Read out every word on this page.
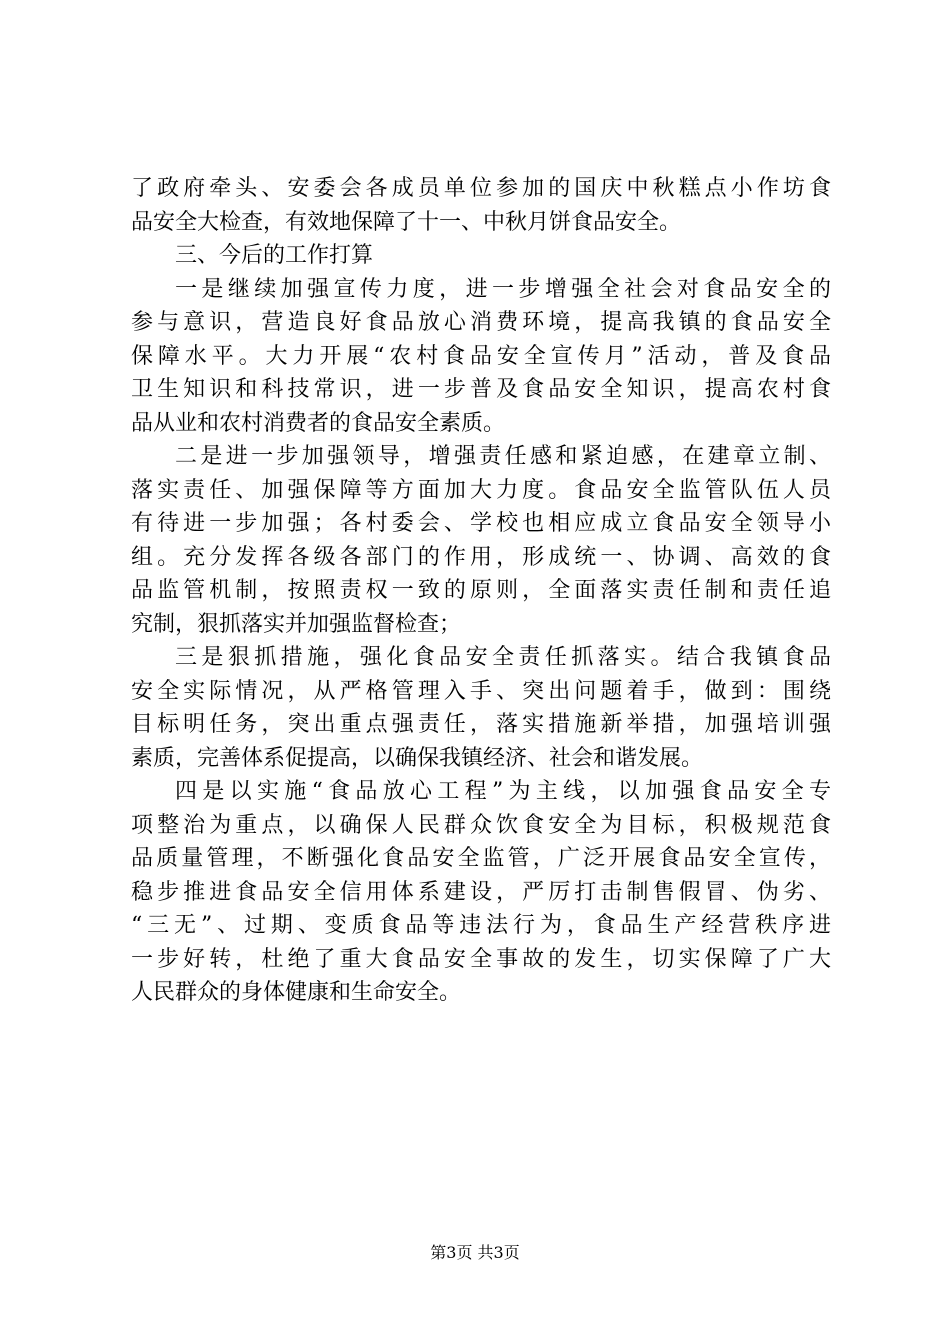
了政府牵头、安委会各成员单位参加的国庆中秋糕点小作坊食
品安全大检查，有效地保障了十一、中秋月饼食品安全。
三、今后的工作打算
一是继续加强宣传力度，进一步增强全社会对食品安全的
参与意识，营造良好食品放心消费环境，提高我镇的食品安全
保障水平。大力开展“农村食品安全宣传月”活动，普及食品
卫生知识和科技常识，进一步普及食品安全知识，提高农村食
品从业和农村消费者的食品安全素质。
二是进一步加强领导，增强责任感和紧迫感，在建章立制、
落实责任、加强保障等方面加大力度。食品安全监管队伍人员
有待进一步加强；各村委会、学校也相应成立食品安全领导小
组。充分发挥各级各部门的作用，形成统一、协调、高效的食
品监管机制，按照责权一致的原则，全面落实责任制和责任追
究制，狠抓落实并加强监督检查；
三是狠抓措施，强化食品安全责任抓落实。结合我镇食品
安全实际情况，从严格管理入手、突出问题着手，做到：围绕
目标明任务，突出重点强责任，落实措施新举措，加强培训强
素质，完善体系促提高，以确保我镇经济、社会和谐发展。
四是以实施“食品放心工程”为主线，以加强食品安全专
项整治为重点，以确保人民群众饮食安全为目标，积极规范食
品质量管理，不断强化食品安全监管，广泛开展食品安全宣传，
稳步推进食品安全信用体系建设，严厉打击制售假冒、伪劣、
“三无”、过期、变质食品等违法行为，食品生产经营秩序进
一步好转，杜绝了重大食品安全事故的发生，切实保障了广大
人民群众的身体健康和生命安全。
第3页 共3页
